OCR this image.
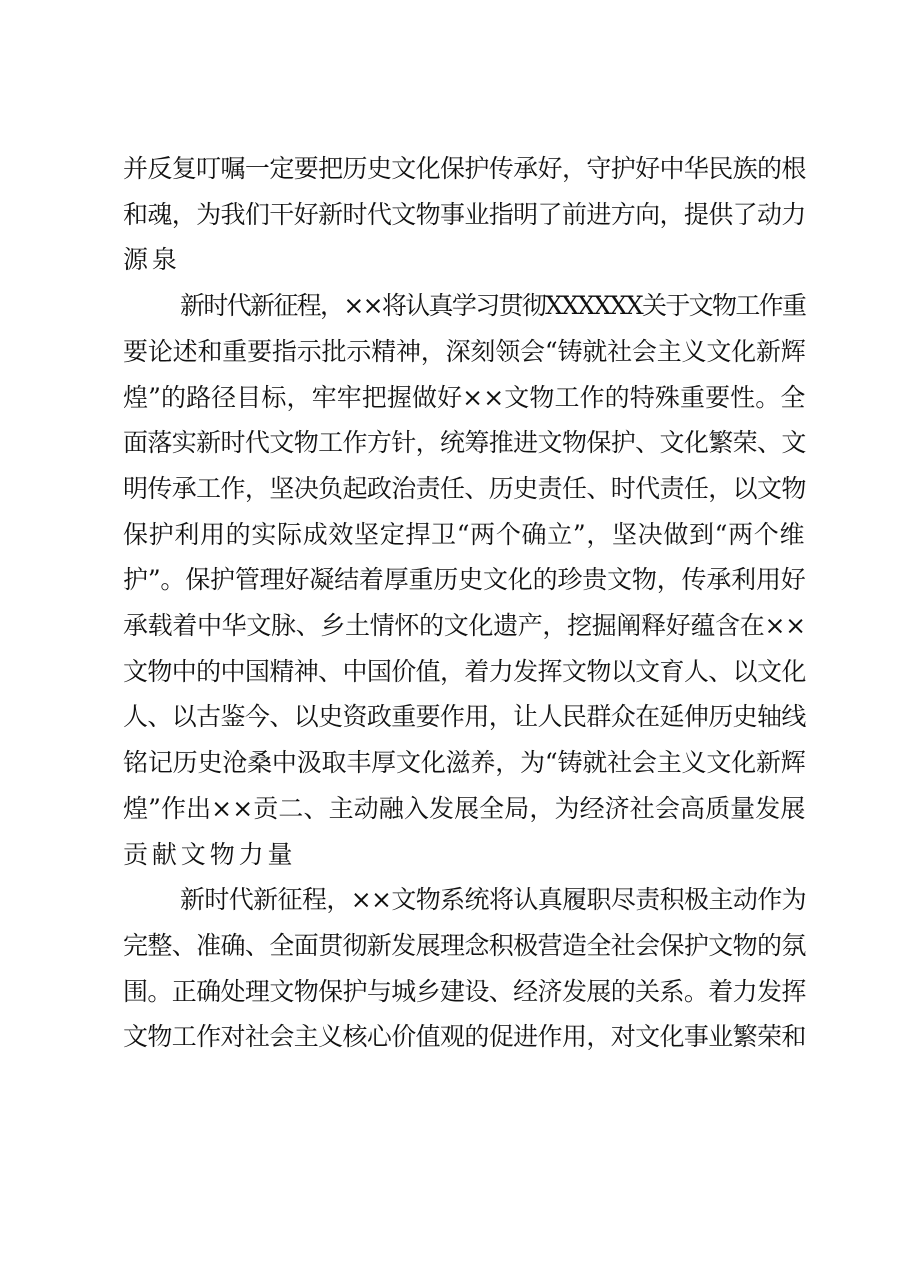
并反复叮嘱一定要把历史文化保护传承好，守护好中华民族的根
和魂，为我们干好新时代文物事业指明了前进方向，提供了动力
源泉

新时代新征程，××将认真学习贯彻XXXXXX关于文物工作重
要论述和重要指示批示精神，深刻领会“铸就社会主义文化新辉
煌”的路径目标，牢牢把握做好××文物工作的特殊重要性。全
面落实新时代文物工作方针，统筹推进文物保护、文化繁荣、文
明传承工作，坚决负起政治责任、历史责任、时代责任，以文物
保护利用的实际成效坚定捍卫“两个确立”，坚决做到“两个维
护”。保护管理好凝结着厚重历史文化的珍贵文物，传承利用好
承载着中华文脉、乡土情怀的文化遗产，挖掘阐释好蕴含在××
文物中的中国精神、中国价值，着力发挥文物以文育人、以文化
人、以古鉴今、以史资政重要作用，让人民群众在延伸历史轴线
铭记历史沧桑中汲取丰厚文化滋养，为“铸就社会主义文化新辉
煌”作出××贡二、主动融入发展全局，为经济社会高质量发展
贡献文物力量

新时代新征程，××文物系统将认真履职尽责积极主动作为
完整、准确、全面贯彻新发展理念积极营造全社会保护文物的氛
围。正确处理文物保护与城乡建设、经济发展的关系。着力发挥
文物工作对社会主义核心价值观的促进作用，对文化事业繁荣和
